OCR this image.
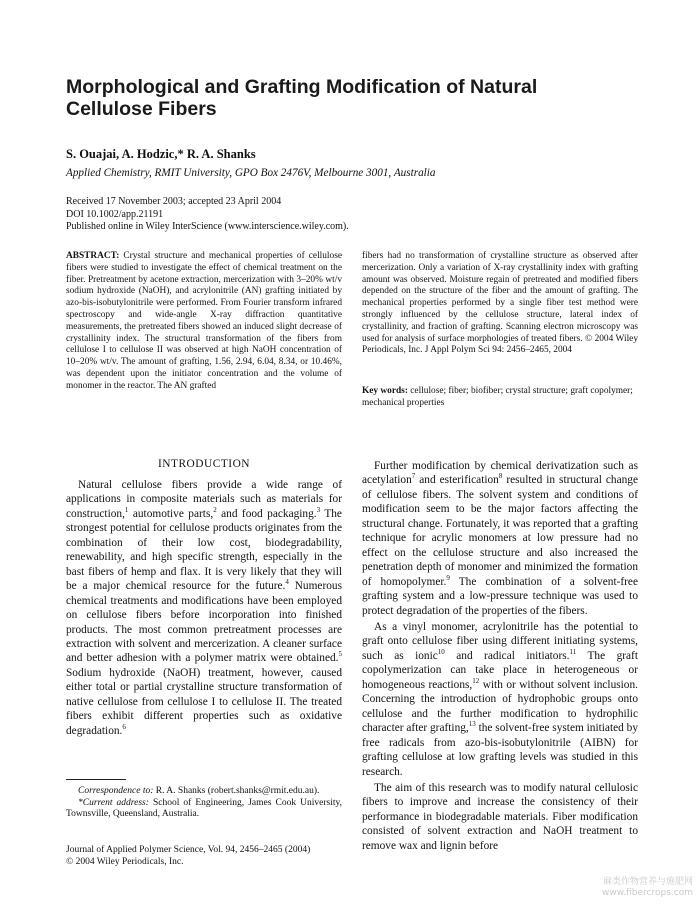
Morphological and Grafting Modification of Natural Cellulose Fibers
S. Ouajai, A. Hodzic,* R. A. Shanks
Applied Chemistry, RMIT University, GPO Box 2476V, Melbourne 3001, Australia
Received 17 November 2003; accepted 23 April 2004
DOI 10.1002/app.21191
Published online in Wiley InterScience (www.interscience.wiley.com).
ABSTRACT: Crystal structure and mechanical properties of cellulose fibers were studied to investigate the effect of chemical treatment on the fiber. Pretreatment by acetone extraction, mercerization with 3–20% wt/v sodium hydroxide (NaOH), and acrylonitrile (AN) grafting initiated by azo-bis-isobutylonitrile were performed. From Fourier transform infrared spectroscopy and wide-angle X-ray diffraction quantitative measurements, the pretreated fibers showed an induced slight decrease of crystallinity index. The structural transformation of the fibers from cellulose I to cellulose II was observed at high NaOH concentration of 10–20% wt/v. The amount of grafting, 1.56, 2.94, 6.04, 8.34, or 10.46%, was dependent upon the initiator concentration and the volume of monomer in the reactor. The AN grafted
fibers had no transformation of crystalline structure as observed after mercerization. Only a variation of X-ray crystallinity index with grafting amount was observed. Moisture regain of pretreated and modified fibers depended on the structure of the fiber and the amount of grafting. The mechanical properties performed by a single fiber test method were strongly influenced by the cellulose structure, lateral index of crystallinity, and fraction of grafting. Scanning electron microscopy was used for analysis of surface morphologies of treated fibers. © 2004 Wiley Periodicals, Inc. J Appl Polym Sci 94: 2456–2465, 2004
Key words: cellulose; fiber; biofiber; crystal structure; graft copolymer; mechanical properties
INTRODUCTION

Natural cellulose fibers provide a wide range of applications in composite materials such as materials for construction,$^1$ automotive parts,$^2$ and food packaging.$^3$ The strongest potential for cellulose products originates from the combination of their low cost, biodegradability, renewability, and high specific strength, especially in the bast fibers of hemp and flax. It is very likely that they will be a major chemical resource for the future.$^4$ Numerous chemical treatments and modifications have been employed on cellulose fibers before incorporation into finished products. The most common pretreatment processes are extraction with solvent and mercerization. A cleaner surface and better adhesion with a polymer matrix were obtained.$^5$ Sodium hydroxide (NaOH) treatment, however, caused either total or partial crystalline structure transformation of native cellulose from cellulose I to cellulose II. The treated fibers exhibit different properties such as oxidative degradation.$^6$

Correspondence to: R. A. Shanks (robert.shanks@rmit.edu.au).

*Current address: School of Engineering, James Cook University, Townsville, Queensland, Australia.

Journal of Applied Polymer Science, Vol. 94, 2456–2465 (2004)
© 2004 Wiley Periodicals, Inc.

Further modification by chemical derivatization such as acetylation$^7$ and esterification$^8$ resulted in structural change of cellulose fibers. The solvent system and conditions of modification seem to be the major factors affecting the structural change. Fortunately, it was reported that a grafting technique for acrylic monomers at low pressure had no effect on the cellulose structure and also increased the penetration depth of monomer and minimized the formation of homopolymer.$^9$ The combination of a solvent-free grafting system and a low-pressure technique was used to protect degradation of the properties of the fibers.

As a vinyl monomer, acrylonitrile has the potential to graft onto cellulose fiber using different initiating systems, such as ionic$^{10}$ and radical initiators.$^{11}$ The graft copolymerization can take place in heterogeneous or homogeneous reactions,$^{12}$ with or without solvent inclusion. Concerning the introduction of hydrophobic groups onto cellulose and the further modification to hydrophilic character after grafting,$^{13}$ the solvent-free system initiated by free radicals from azo-bis-isobutylonitrile (AIBN) for grafting cellulose at low grafting levels was studied in this research.

The aim of this research was to modify natural cellulosic fibers to improve and increase the consistency of their performance in biodegradable materials. Fiber modification consisted of solvent extraction and NaOH treatment to remove wax and lignin before

麻类作物营养与施肥网
www.fibercrops.com
